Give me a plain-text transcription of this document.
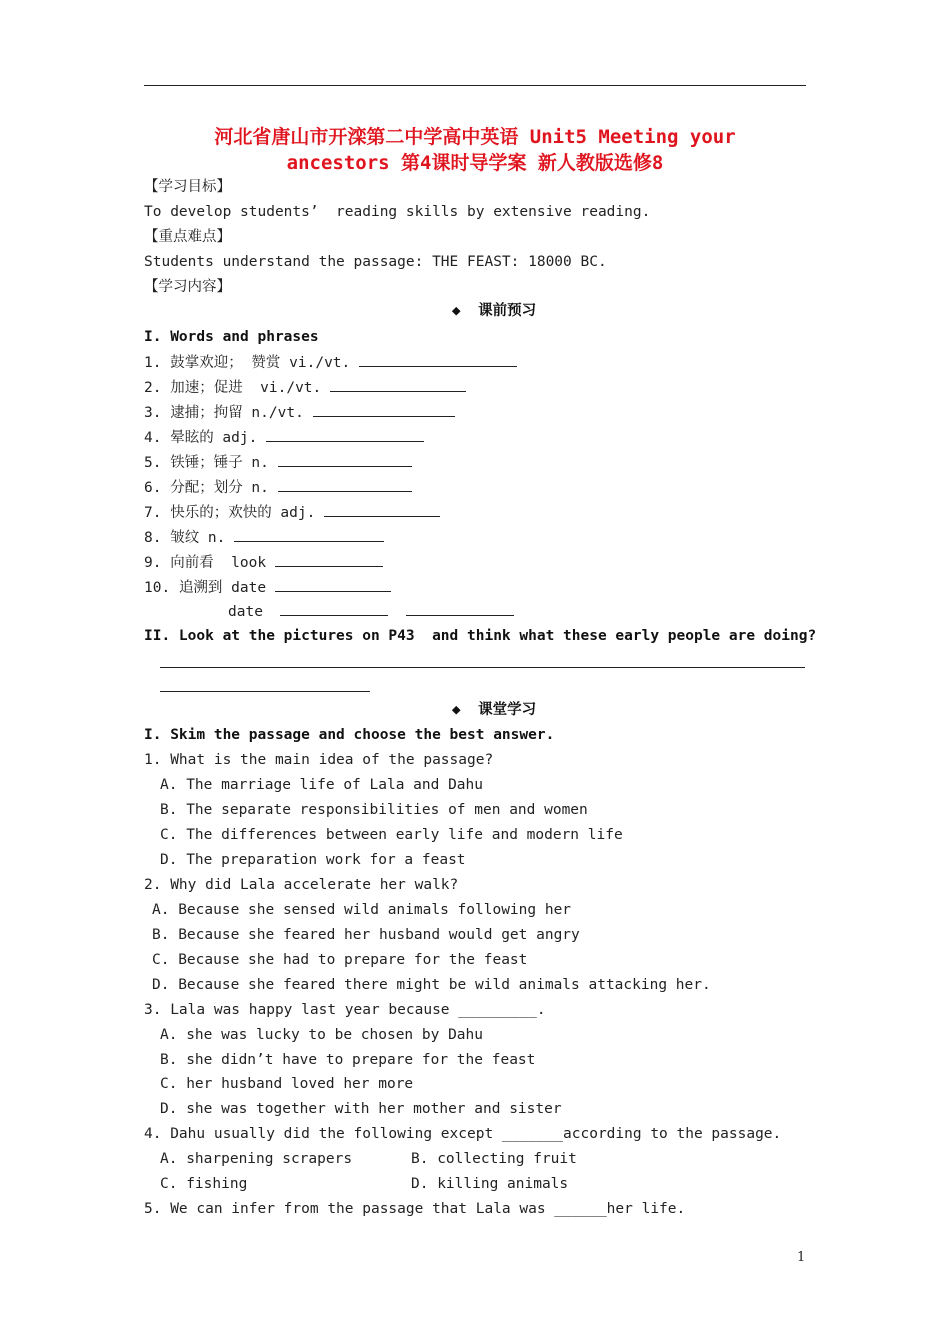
河北省唐山市开滦第二中学高中英语 Unit5 Meeting your
ancestors 第4课时导学案 新人教版选修8
【学习目标】
To develop students’  reading skills by extensive reading.
【重点难点】
Students understand the passage: THE FEAST: 18000 BC.
【学习内容】
◆  课前预习
I. Words and phrases
1. 鼓掌欢迎； 赞赏 vi./vt.
2. 加速；促进  vi./vt.
3. 逮捕；拘留 n./vt.
4. 晕眩的 adj.
5. 铁锤；锤子 n.
6. 分配；划分 n.
7. 快乐的；欢快的 adj.
8. 皱纹 n.
9. 向前看  look
10. 追溯到 date
date
II. Look at the pictures on P43  and think what these early people are doing?
◆  课堂学习
I. Skim the passage and choose the best answer.
1. What is the main idea of the passage?
A. The marriage life of Lala and Dahu
B. The separate responsibilities of men and women
C. The differences between early life and modern life
D. The preparation work for a feast
2. Why did Lala accelerate her walk?
A. Because she sensed wild animals following her
B. Because she feared her husband would get angry
C. Because she had to prepare for the feast
D. Because she feared there might be wild animals attacking her.
3. Lala was happy last year because _________.
A. she was lucky to be chosen by Dahu
B. she didn’t have to prepare for the feast
C. her husband loved her more
D. she was together with her mother and sister
4. Dahu usually did the following except _______according to the passage.
A. sharpening scrapers	B. collecting fruit
C. fishing	D. killing animals
5. We can infer from the passage that Lala was ______her life.
1
